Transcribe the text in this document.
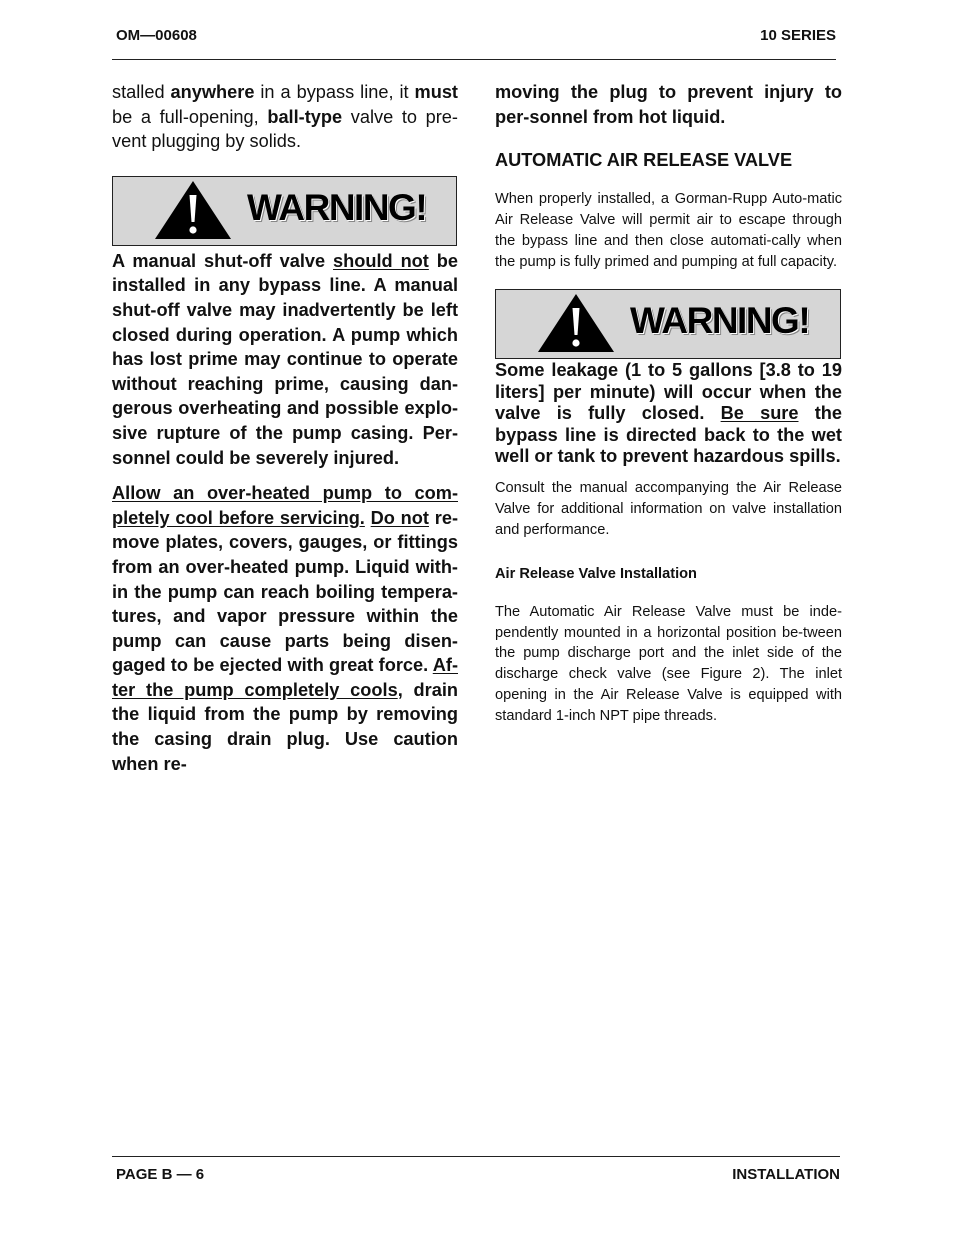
OM—00608	10 SERIES

stalled anywhere in a bypass line, it must be a full-opening, ball-type valve to pre-vent plugging by solids.

WARNING!

A manual shut-off valve should not be installed in any bypass line. A manual shut-off valve may inadvertently be left closed during operation. A pump which has lost prime may continue to operate without reaching prime, causing dan-gerous overheating and possible explo-sive rupture of the pump casing. Per-sonnel could be severely injured.

Allow an over-heated pump to com-pletely cool before servicing. Do not re-move plates, covers, gauges, or fittings from an over-heated pump. Liquid with-in the pump can reach boiling tempera-tures, and vapor pressure within the pump can cause parts being disen-gaged to be ejected with great force. Af-ter the pump completely cools, drain the liquid from the pump by removing the casing drain plug. Use caution when re-

moving the plug to prevent injury to per-sonnel from hot liquid.

AUTOMATIC AIR RELEASE VALVE

When properly installed, a Gorman-Rupp Auto-matic Air Release Valve will permit air to escape through the bypass line and then close automati-cally when the pump is fully primed and pumping at full capacity.

WARNING!

Some leakage (1 to 5 gallons [3.8 to 19 liters] per minute) will occur when the valve is fully closed. Be sure the bypass line is directed back to the wet well or tank to prevent hazardous spills.

Consult the manual accompanying the Air Release Valve for additional information on valve installation and performance.

Air Release Valve Installation

The Automatic Air Release Valve must be inde-pendently mounted in a horizontal position be-tween the pump discharge port and the inlet side of the discharge check valve (see Figure 2). The inlet opening in the Air Release Valve is equipped with standard 1-inch NPT pipe threads.

PAGE B — 6	INSTALLATION
